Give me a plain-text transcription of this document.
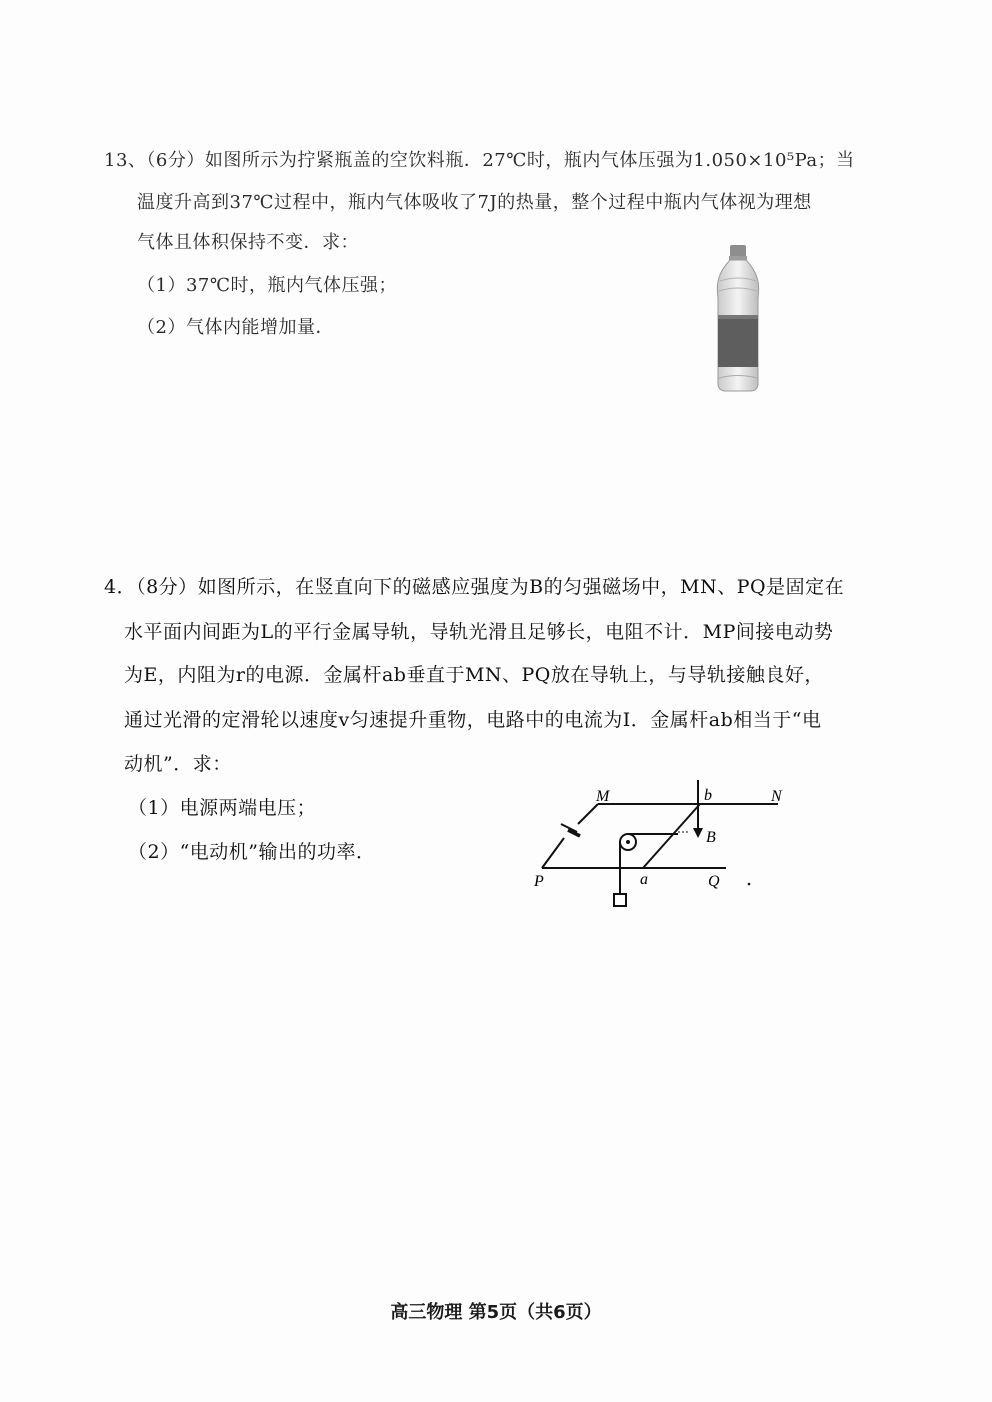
13、（6分）如图所示为拧紧瓶盖的空饮料瓶．27℃时，瓶内气体压强为1.050×10⁵Pa；当
温度升高到37℃过程中，瓶内气体吸收了7J的热量，整个过程中瓶内气体视为理想
气体且体积保持不变．求：
（1）37℃时，瓶内气体压强；
（2）气体内能增加量．
4．（8分）如图所示，在竖直向下的磁感应强度为B的匀强磁场中，MN、PQ是固定在
水平面内间距为L的平行金属导轨，导轨光滑且足够长，电阻不计．MP间接电动势
为E，内阻为r的电源．金属杆ab垂直于MN、PQ放在导轨上，与导轨接触良好，
通过光滑的定滑轮以速度v匀速提升重物，电路中的电流为I．金属杆ab相当于“电
动机”．求：
（1）电源两端电压；
（2）“电动机”输出的功率．
M	b	N
B
P	a	Q
高三物理 第5页（共6页）
